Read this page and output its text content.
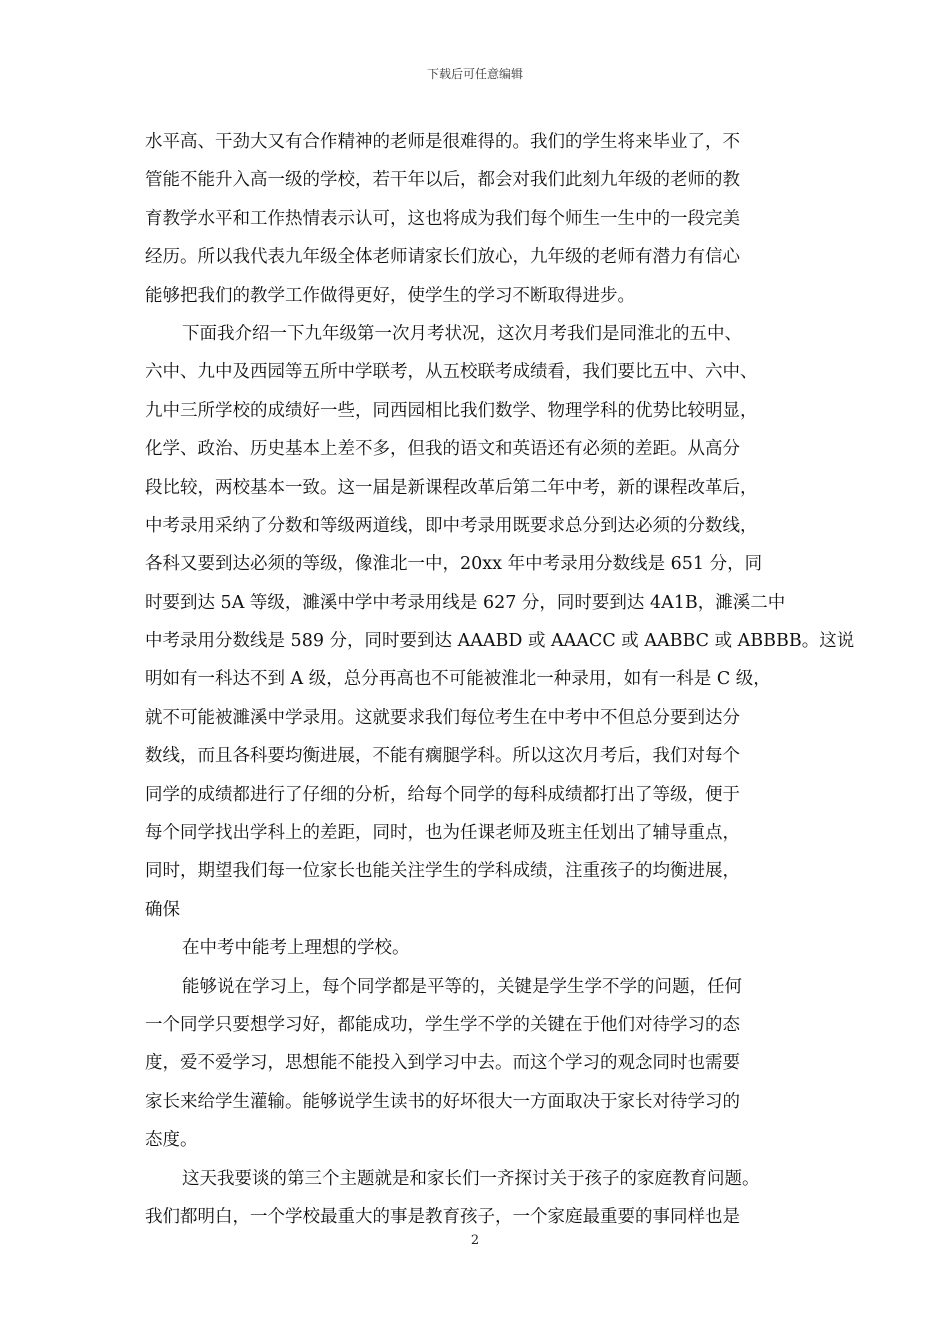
下载后可任意编辑
水平高、干劲大又有合作精神的老师是很难得的。我们的学生将来毕业了，不
管能不能升入高一级的学校，若干年以后，都会对我们此刻九年级的老师的教
育教学水平和工作热情表示认可，这也将成为我们每个师生一生中的一段完美
经历。所以我代表九年级全体老师请家长们放心，九年级的老师有潜力有信心
能够把我们的教学工作做得更好，使学生的学习不断取得进步。
下面我介绍一下九年级第一次月考状况，这次月考我们是同淮北的五中、
六中、九中及西园等五所中学联考，从五校联考成绩看，我们要比五中、六中、
九中三所学校的成绩好一些，同西园相比我们数学、物理学科的优势比较明显，
化学、政治、历史基本上差不多，但我的语文和英语还有必须的差距。从高分
段比较，两校基本一致。这一届是新课程改革后第二年中考，新的课程改革后，
中考录用采纳了分数和等级两道线，即中考录用既要求总分到达必须的分数线，
各科又要到达必须的等级，像淮北一中，20xx 年中考录用分数线是 651 分，同
时要到达 5A 等级，濉溪中学中考录用线是 627 分，同时要到达 4A1B，濉溪二中
中考录用分数线是 589 分，同时要到达 AAABD 或 AAACC 或 AABBC 或 ABBBB。这说
明如有一科达不到 A 级，总分再高也不可能被淮北一种录用，如有一科是 C 级，
就不可能被濉溪中学录用。这就要求我们每位考生在中考中不但总分要到达分
数线，而且各科要均衡进展，不能有瘸腿学科。所以这次月考后，我们对每个
同学的成绩都进行了仔细的分析，给每个同学的每科成绩都打出了等级，便于
每个同学找出学科上的差距，同时，也为任课老师及班主任划出了辅导重点，
同时，期望我们每一位家长也能关注学生的学科成绩，注重孩子的均衡进展，
确保
在中考中能考上理想的学校。
能够说在学习上，每个同学都是平等的，关键是学生学不学的问题，任何
一个同学只要想学习好，都能成功，学生学不学的关键在于他们对待学习的态
度，爱不爱学习，思想能不能投入到学习中去。而这个学习的观念同时也需要
家长来给学生灌输。能够说学生读书的好坏很大一方面取决于家长对待学习的
态度。
这天我要谈的第三个主题就是和家长们一齐探讨关于孩子的家庭教育问题。
我们都明白，一个学校最重大的事是教育孩子，一个家庭最重要的事同样也是
2
